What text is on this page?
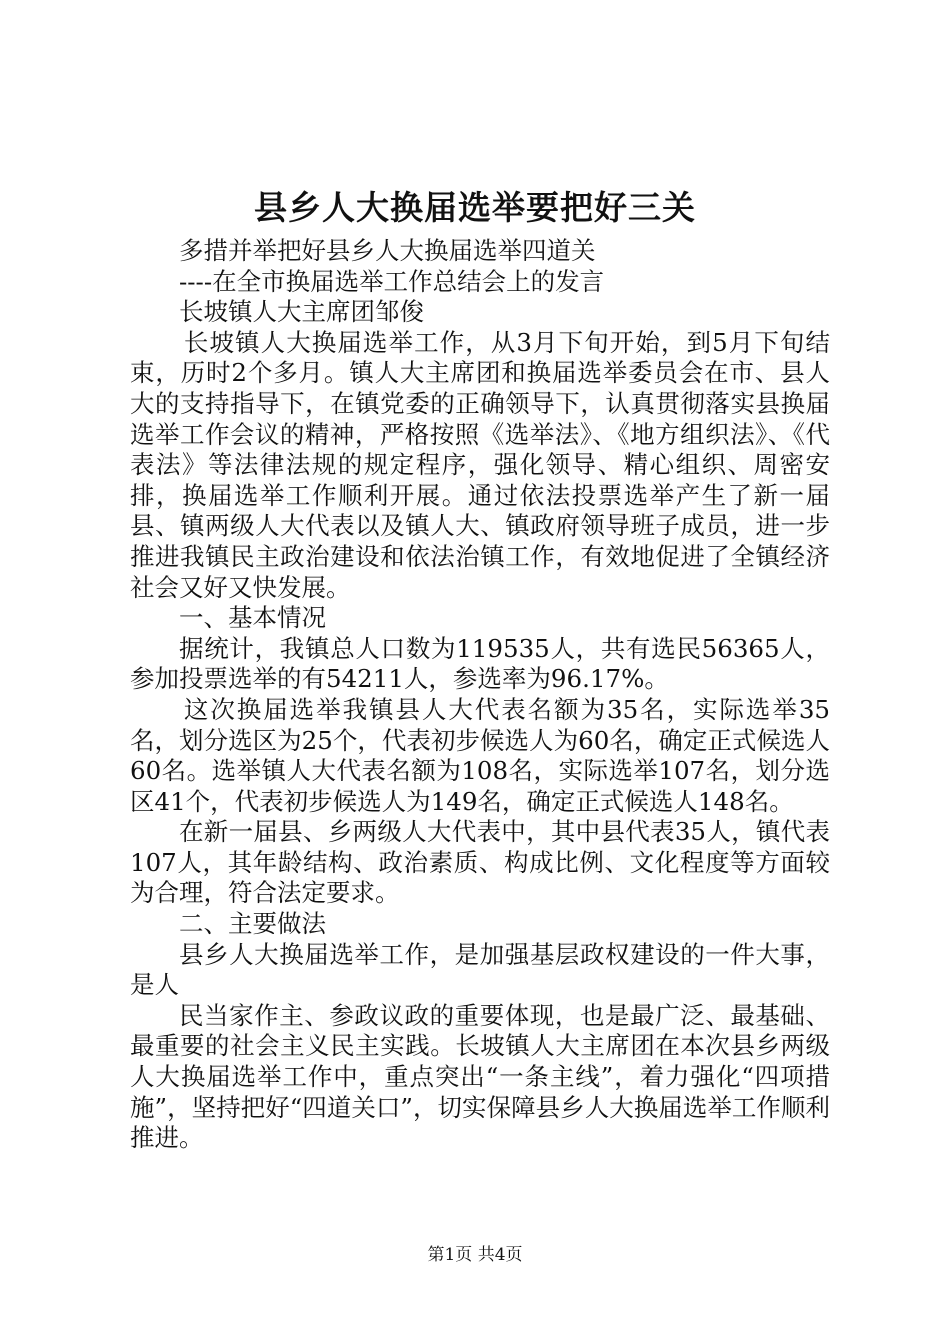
县乡人大换届选举要把好三关

多措并举把好县乡人大换届选举四道关

----在全市换届选举工作总结会上的发言

长坡镇人大主席团邹俊

长坡镇人大换届选举工作，从3月下旬开始，到5月下旬结束，历时2个多月。镇人大主席团和换届选举委员会在市、县人大的支持指导下，在镇党委的正确领导下，认真贯彻落实县换届选举工作会议的精神，严格按照《选举法》、《地方组织法》、《代表法》等法律法规的规定程序，强化领导、精心组织、周密安排，换届选举工作顺利开展。通过依法投票选举产生了新一届县、镇两级人大代表以及镇人大、镇政府领导班子成员，进一步推进我镇民主政治建设和依法治镇工作，有效地促进了全镇经济社会又好又快发展。

一、基本情况

据统计，我镇总人口数为119535人，共有选民56365人，参加投票选举的有54211人，参选率为96.17%。

这次换届选举我镇县人大代表名额为35名，实际选举35名，划分选区为25个，代表初步候选人为60名，确定正式候选人60名。选举镇人大代表名额为108名，实际选举107名，划分选区41个，代表初步候选人为149名，确定正式候选人148名。

在新一届县、乡两级人大代表中，其中县代表35人，镇代表107人，其年龄结构、政治素质、构成比例、文化程度等方面较为合理，符合法定要求。

二、主要做法

县乡人大换届选举工作，是加强基层政权建设的一件大事，是人

民当家作主、参政议政的重要体现，也是最广泛、最基础、最重要的社会主义民主实践。长坡镇人大主席团在本次县乡两级人大换届选举工作中，重点突出“一条主线”，着力强化“四项措施”，坚持把好“四道关口”，切实保障县乡人大换届选举工作顺利推进。

第1页 共4页
